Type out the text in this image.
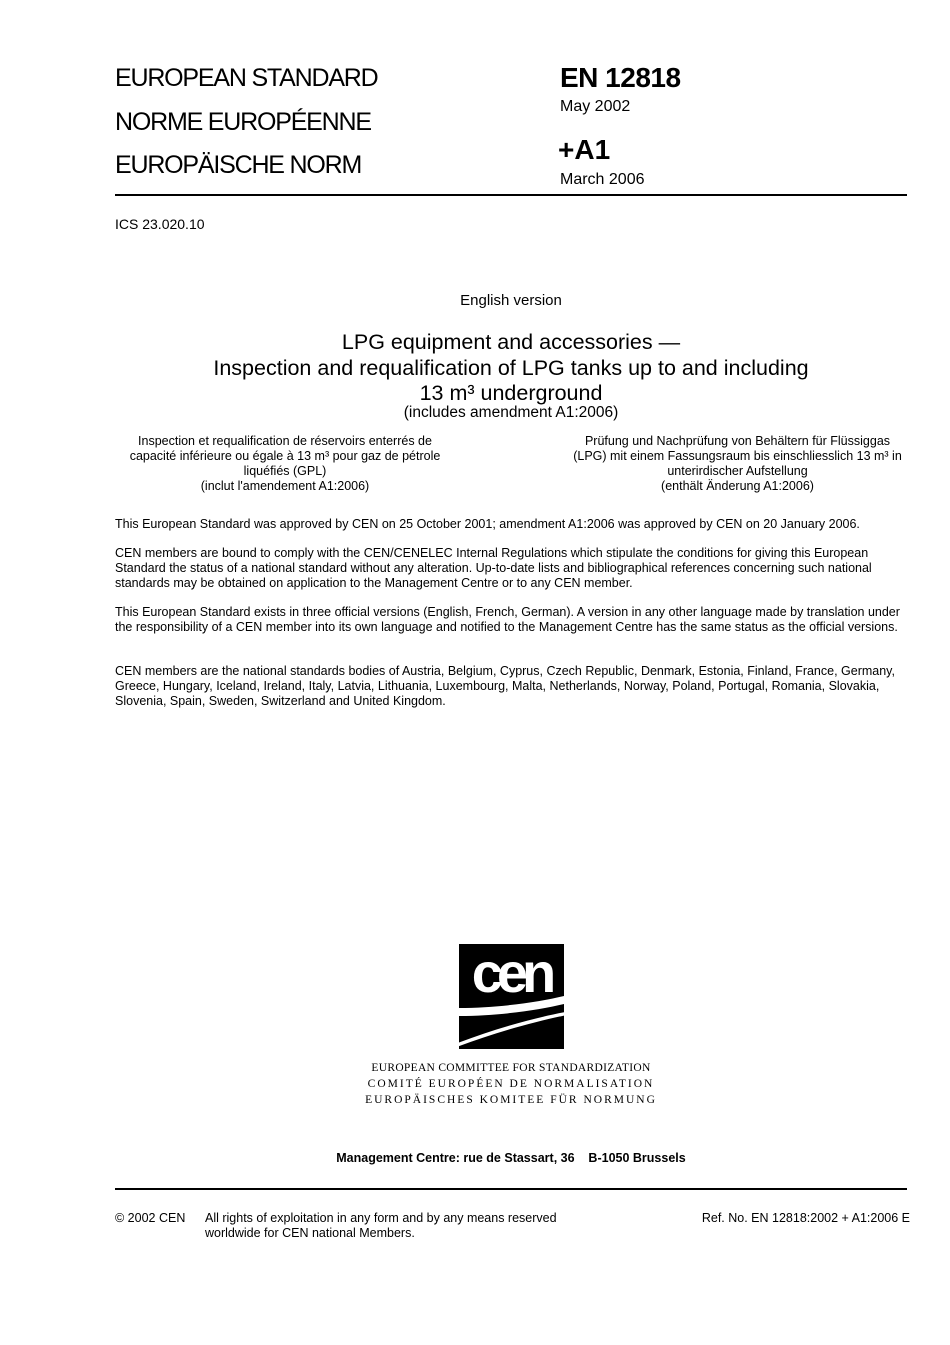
EUROPEAN STANDARD
NORME EUROPÉENNE
EUROPÄISCHE NORM
EN 12818
May 2002
+A1
March 2006
ICS 23.020.10
English version
LPG equipment and accessories —
Inspection and requalification of LPG tanks up to and including
13 m³ underground
(includes amendment A1:2006)
Inspection et requalification de réservoirs enterrés de
capacité inférieure ou égale à 13 m³ pour gaz de pétrole
liquéfiés (GPL)
(inclut l'amendement A1:2006)
Prüfung und Nachprüfung von Behältern für Flüssiggas
(LPG) mit einem Fassungsraum bis einschliesslich 13 m³ in
unterirdischer Aufstellung
(enthält Änderung A1:2006)
This European Standard was approved by CEN on 25 October 2001; amendment A1:2006 was approved by CEN on 20 January 2006.
CEN members are bound to comply with the CEN/CENELEC Internal Regulations which stipulate the conditions for giving this European Standard the status of a national standard without any alteration. Up-to-date lists and bibliographical references concerning such national standards may be obtained on application to the Management Centre or to any CEN member.
This European Standard exists in three official versions (English, French, German). A version in any other language made by translation under the responsibility of a CEN member into its own language and notified to the Management Centre has the same status as the official versions.
CEN members are the national standards bodies of Austria, Belgium, Cyprus, Czech Republic, Denmark, Estonia, Finland, France, Germany, Greece, Hungary, Iceland, Ireland, Italy, Latvia, Lithuania, Luxembourg, Malta, Netherlands, Norway, Poland, Portugal, Romania, Slovakia, Slovenia, Spain, Sweden, Switzerland and United Kingdom.
cen
EUROPEAN COMMITTEE FOR STANDARDIZATION
COMITÉ EUROPÉEN DE NORMALISATION
EUROPÄISCHES KOMITEE FÜR NORMUNG
Management Centre: rue de Stassart, 36    B-1050 Brussels
© 2002 CEN All rights of exploitation in any form and by any means reserved
worldwide for CEN national Members.
Ref. No. EN 12818:2002 + A1:2006 E
